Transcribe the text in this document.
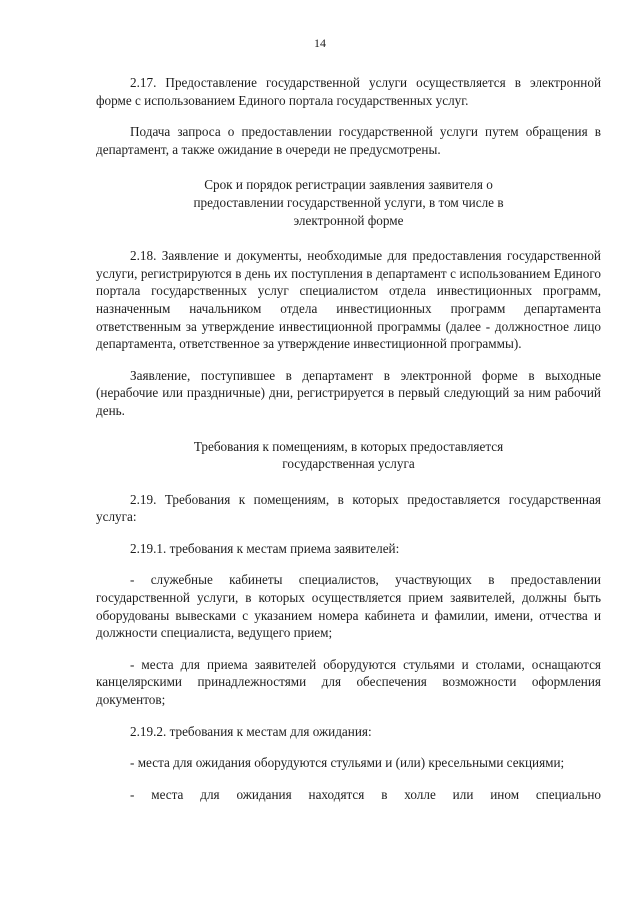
14

2.17. Предоставление государственной услуги осуществляется в электронной форме с использованием Единого портала государственных услуг.

Подача запроса о предоставлении государственной услуги путем обращения в департамент, а также ожидание в очереди не предусмотрены.

Срок и порядок регистрации заявления заявителя о предоставлении государственной услуги, в том числе в электронной форме

2.18. Заявление и документы, необходимые для предоставления государственной услуги, регистрируются в день их поступления в департамент с использованием Единого портала государственных услуг специалистом отдела инвестиционных программ, назначенным начальником отдела инвестиционных программ департамента ответственным за утверждение инвестиционной программы (далее - должностное лицо департамента, ответственное за утверждение инвестиционной программы).

Заявление, поступившее в департамент в электронной форме в выходные (нерабочие или праздничные) дни, регистрируется в первый следующий за ним рабочий день.

Требования к помещениям, в которых предоставляется государственная услуга

2.19. Требования к помещениям, в которых предоставляется государственная услуга:

2.19.1. требования к местам приема заявителей:

- служебные кабинеты специалистов, участвующих в предоставлении государственной услуги, в которых осуществляется прием заявителей, должны быть оборудованы вывесками с указанием номера кабинета и фамилии, имени, отчества и должности специалиста, ведущего прием;

- места для приема заявителей оборудуются стульями и столами, оснащаются канцелярскими принадлежностями для обеспечения возможности оформления документов;

2.19.2. требования к местам для ожидания:

- места для ожидания оборудуются стульями и (или) кресельными секциями;

- места для ожидания находятся в холле или ином специально
